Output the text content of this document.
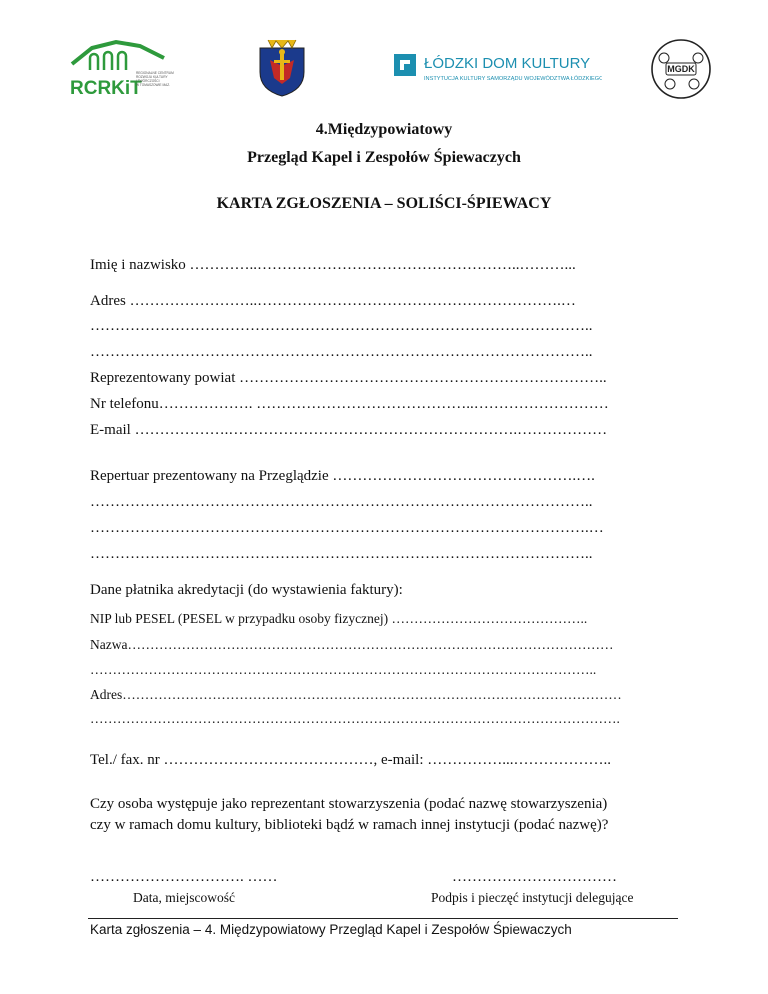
RCRKiT
REGIONALNE CENTRUM
ROZWOJU KULTURY
I TWÓRCZOŚCI
W TOMASZOWIE MAZ.
ŁÓDZKI DOM KULTURY
INSTYTUCJA KULTURY SAMORZĄDU WOJEWÓDZTWA ŁÓDZKIEGO
MGDK
4.Międzypowiatowy
Przegląd Kapel i Zespołów Śpiewaczych
KARTA ZGŁOSZENIA – SOLIŚCI-ŚPIEWACY
Imię i nazwisko …………..……………………………………………..………...
Adres ……………………..…………………………………………………….…
………………………………………………………………………………………..
………………………………………………………………………………………..
Reprezentowany powiat ………………………………………………………………..
Nr telefonu………………. ……………………………………..………………………
E-mail ……………….………………………………………………….………………
Repertuar prezentowany na Przeglądzie ………………………………………….….
………………………………………………………………………………………..
……………………………………………………………………………………….…
………………………………………………………………………………………..
Dane płatnika akredytacji (do wystawienia faktury):
NIP lub PESEL (PESEL w przypadku osoby fizycznej) ……………………………………..
Nazwa………………………………………………………………………………………………
…………………………………………………………………………………………………..
Adres…………………………………………………………………………………………………
……………………………………………………………………………………………………….
Tel./ fax. nr ……………………………………, e-mail: ……………...………………..
Czy osoba występuje jako reprezentant stowarzyszenia (podać nazwę stowarzyszenia)
czy w ramach domu kultury, biblioteki bądź w ramach innej instytucji (podać nazwę)?
…………………………. ……
Data, miejscowość
……………………………
Podpis i pieczęć instytucji delegujące
Karta zgłoszenia – 4. Międzypowiatowy Przegląd Kapel i Zespołów Śpiewaczych
